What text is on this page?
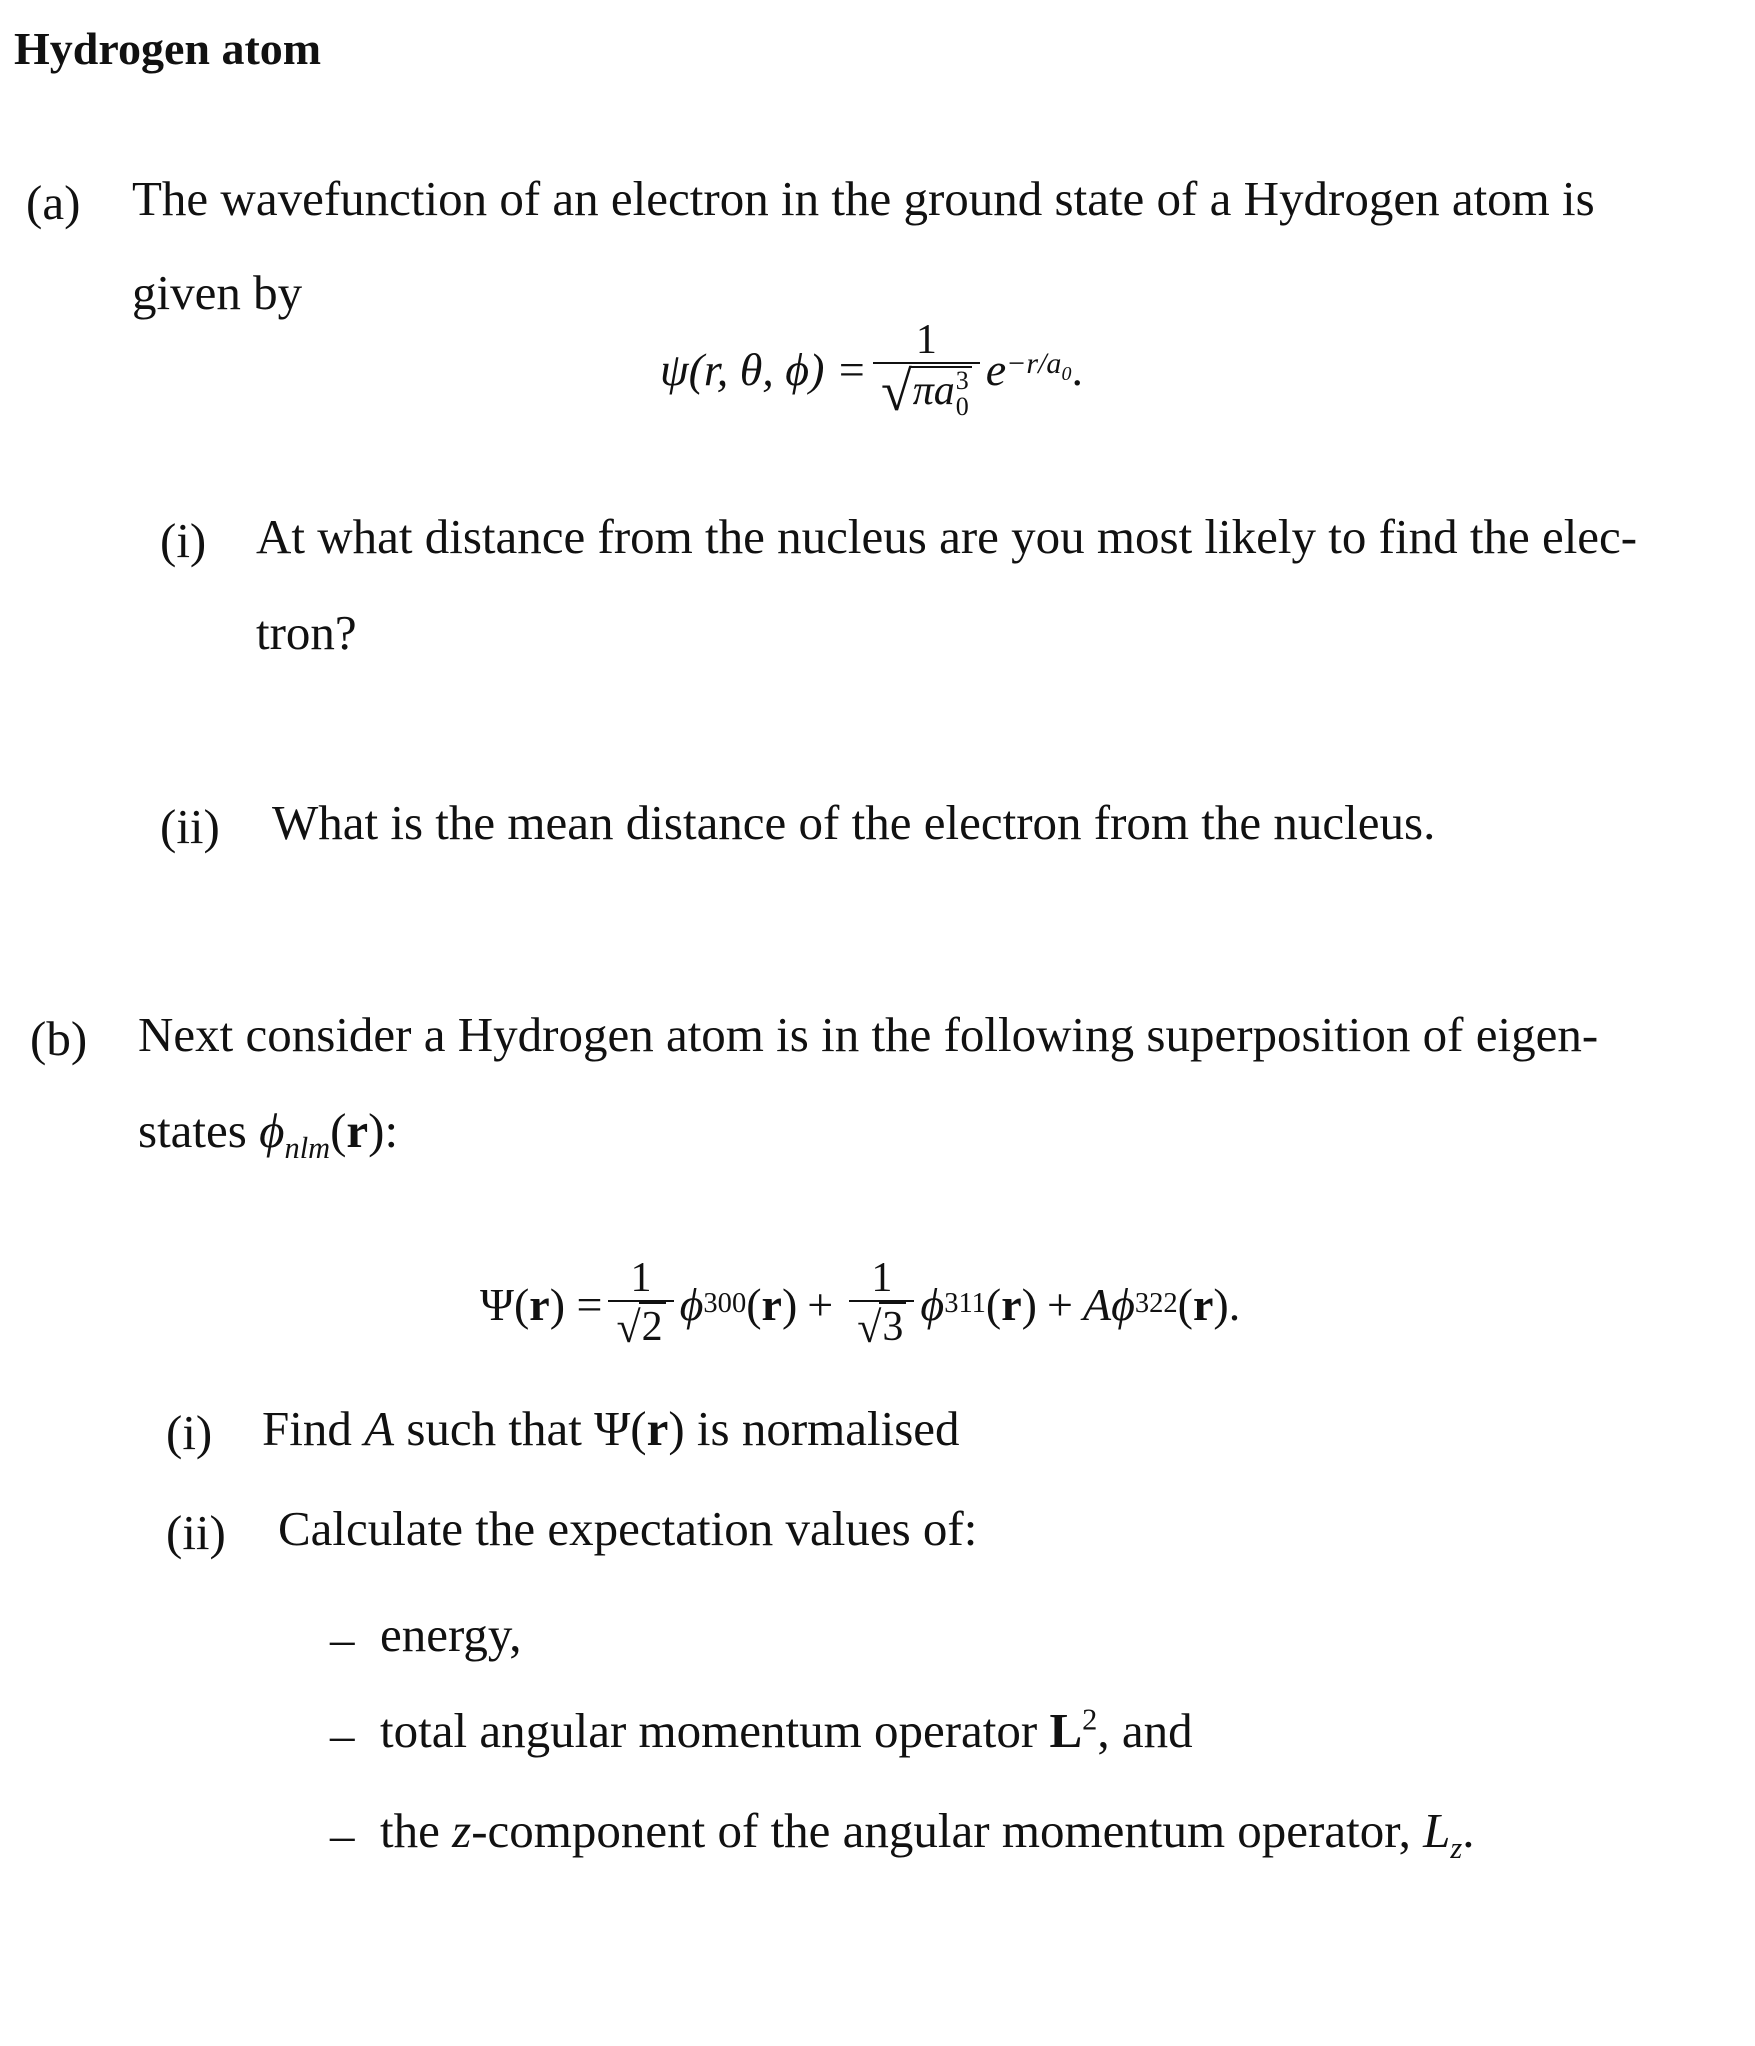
Hydrogen atom
(a) The wavefunction of an electron in the ground state of a Hydrogen atom is
given by
ψ(r, θ, ϕ) = 1
√ πa 3
0 $e -r/a_0$ .
(i) At what distance from the nucleus are you most likely to find the elec-
tron?
(ii) What is the mean distance of the electron from the nucleus.
(b) Next consider a Hydrogen atom is in the following superposition of eigen-
states $\phi_{nlm}(r)$:
Ψ( r ) = $\frac{1}{√ 2}$ ϕ 300 ( r ) + $\frac{1}{√ 3}$ ϕ 311 ( r ) + A ϕ 322 ( r ).
(i) Find A such that Ψ(r) is normalised
(ii) Calculate the expectation values of:
– energy,
– total angular momentum operator $L^2$, and
– the z-component of the angular momentum operator, $L_z$.
